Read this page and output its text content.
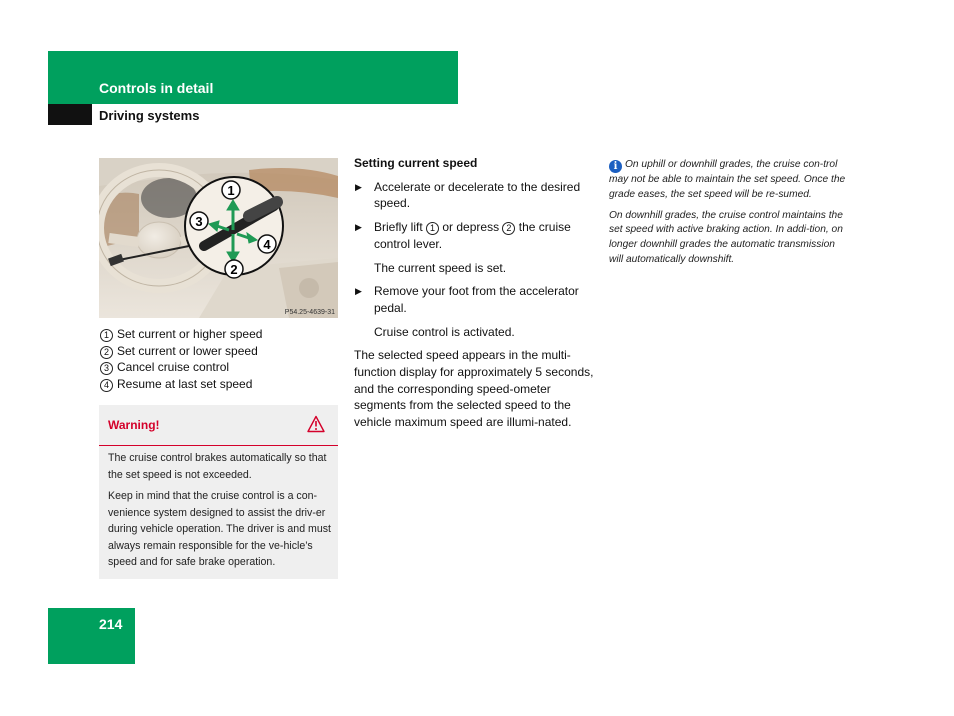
Controls in detail
Driving systems
1
3
4
2
P54.25-4639-31
1 Set current or higher speed
2 Set current or lower speed
3 Cancel cruise control
4 Resume at last set speed
Warning!

The cruise control brakes automatically so that the set speed is not exceeded.

Keep in mind that the cruise control is a con-venience system designed to assist the driv-er during vehicle operation. The driver is and must always remain responsible for the ve-hicle’s speed and for safe brake operation.

Setting current speed

▶ Accelerate or decelerate to the desired speed.

▶ Briefly lift 1 or depress 2 the cruise control lever.

The current speed is set.

▶ Remove your foot from the accelerator pedal.

Cruise control is activated.

The selected speed appears in the multi-function display for approximately 5 seconds, and the corresponding speed-ometer segments from the selected speed to the vehicle maximum speed are illumi-nated.

i On uphill or downhill grades, the cruise con-trol may not be able to maintain the set speed. Once the grade eases, the set speed will be re-sumed.

On downhill grades, the cruise control maintains the set speed with active braking action. In addi-tion, on longer downhill grades the automatic transmission will automatically downshift.

214
